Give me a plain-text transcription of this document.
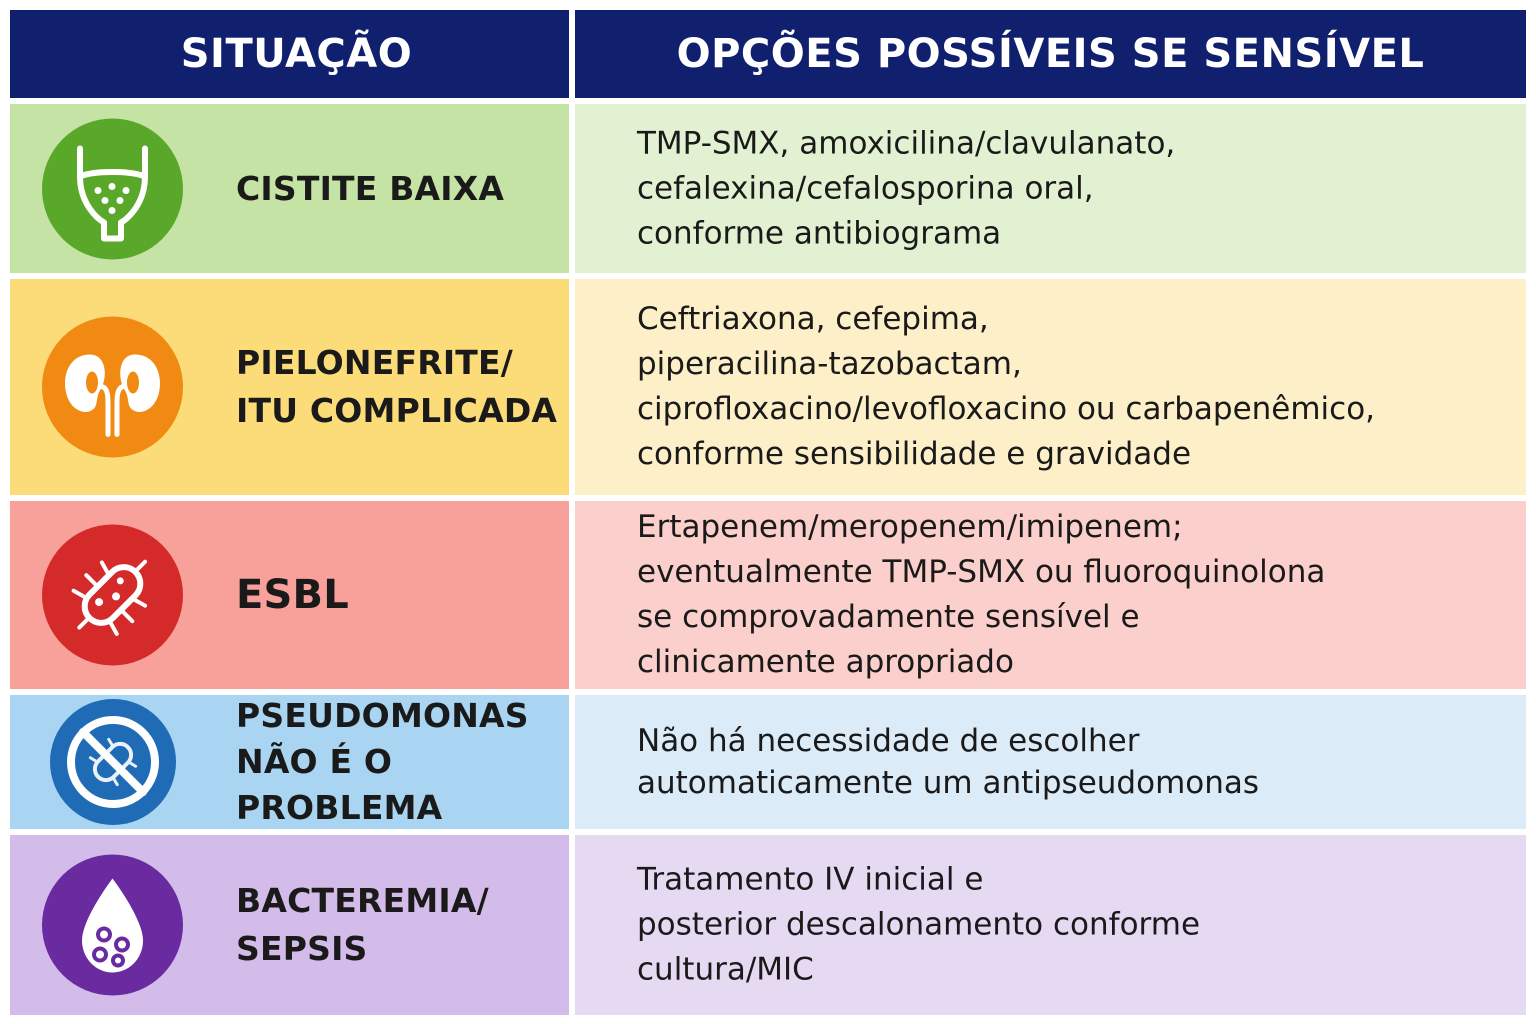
SITUAÇÃO	OPÇÕES POSSÍVEIS SE SENSÍVEL
CISTITE BAIXA
TMP-SMX, amoxicilina/clavulanato,
cefalexina/cefalosporina oral,
conforme antibiograma
PIELONEFRITE/
ITU COMPLICADA
Ceftriaxona, cefepima,
piperacilina-tazobactam,
ciprofloxacino/levofloxacino ou carbapenêmico,
conforme sensibilidade e gravidade
ESBL
Ertapenem/meropenem/imipenem;
eventualmente TMP-SMX ou fluoroquinolona
se comprovadamente sensível e
clinicamente apropriado
PSEUDOMONAS
NÃO É O PROBLEMA
Não há necessidade de escolher
automaticamente um antipseudomonas
BACTEREMIA/
SEPSIS
Tratamento IV inicial e
posterior descalonamento conforme
cultura/MIC
